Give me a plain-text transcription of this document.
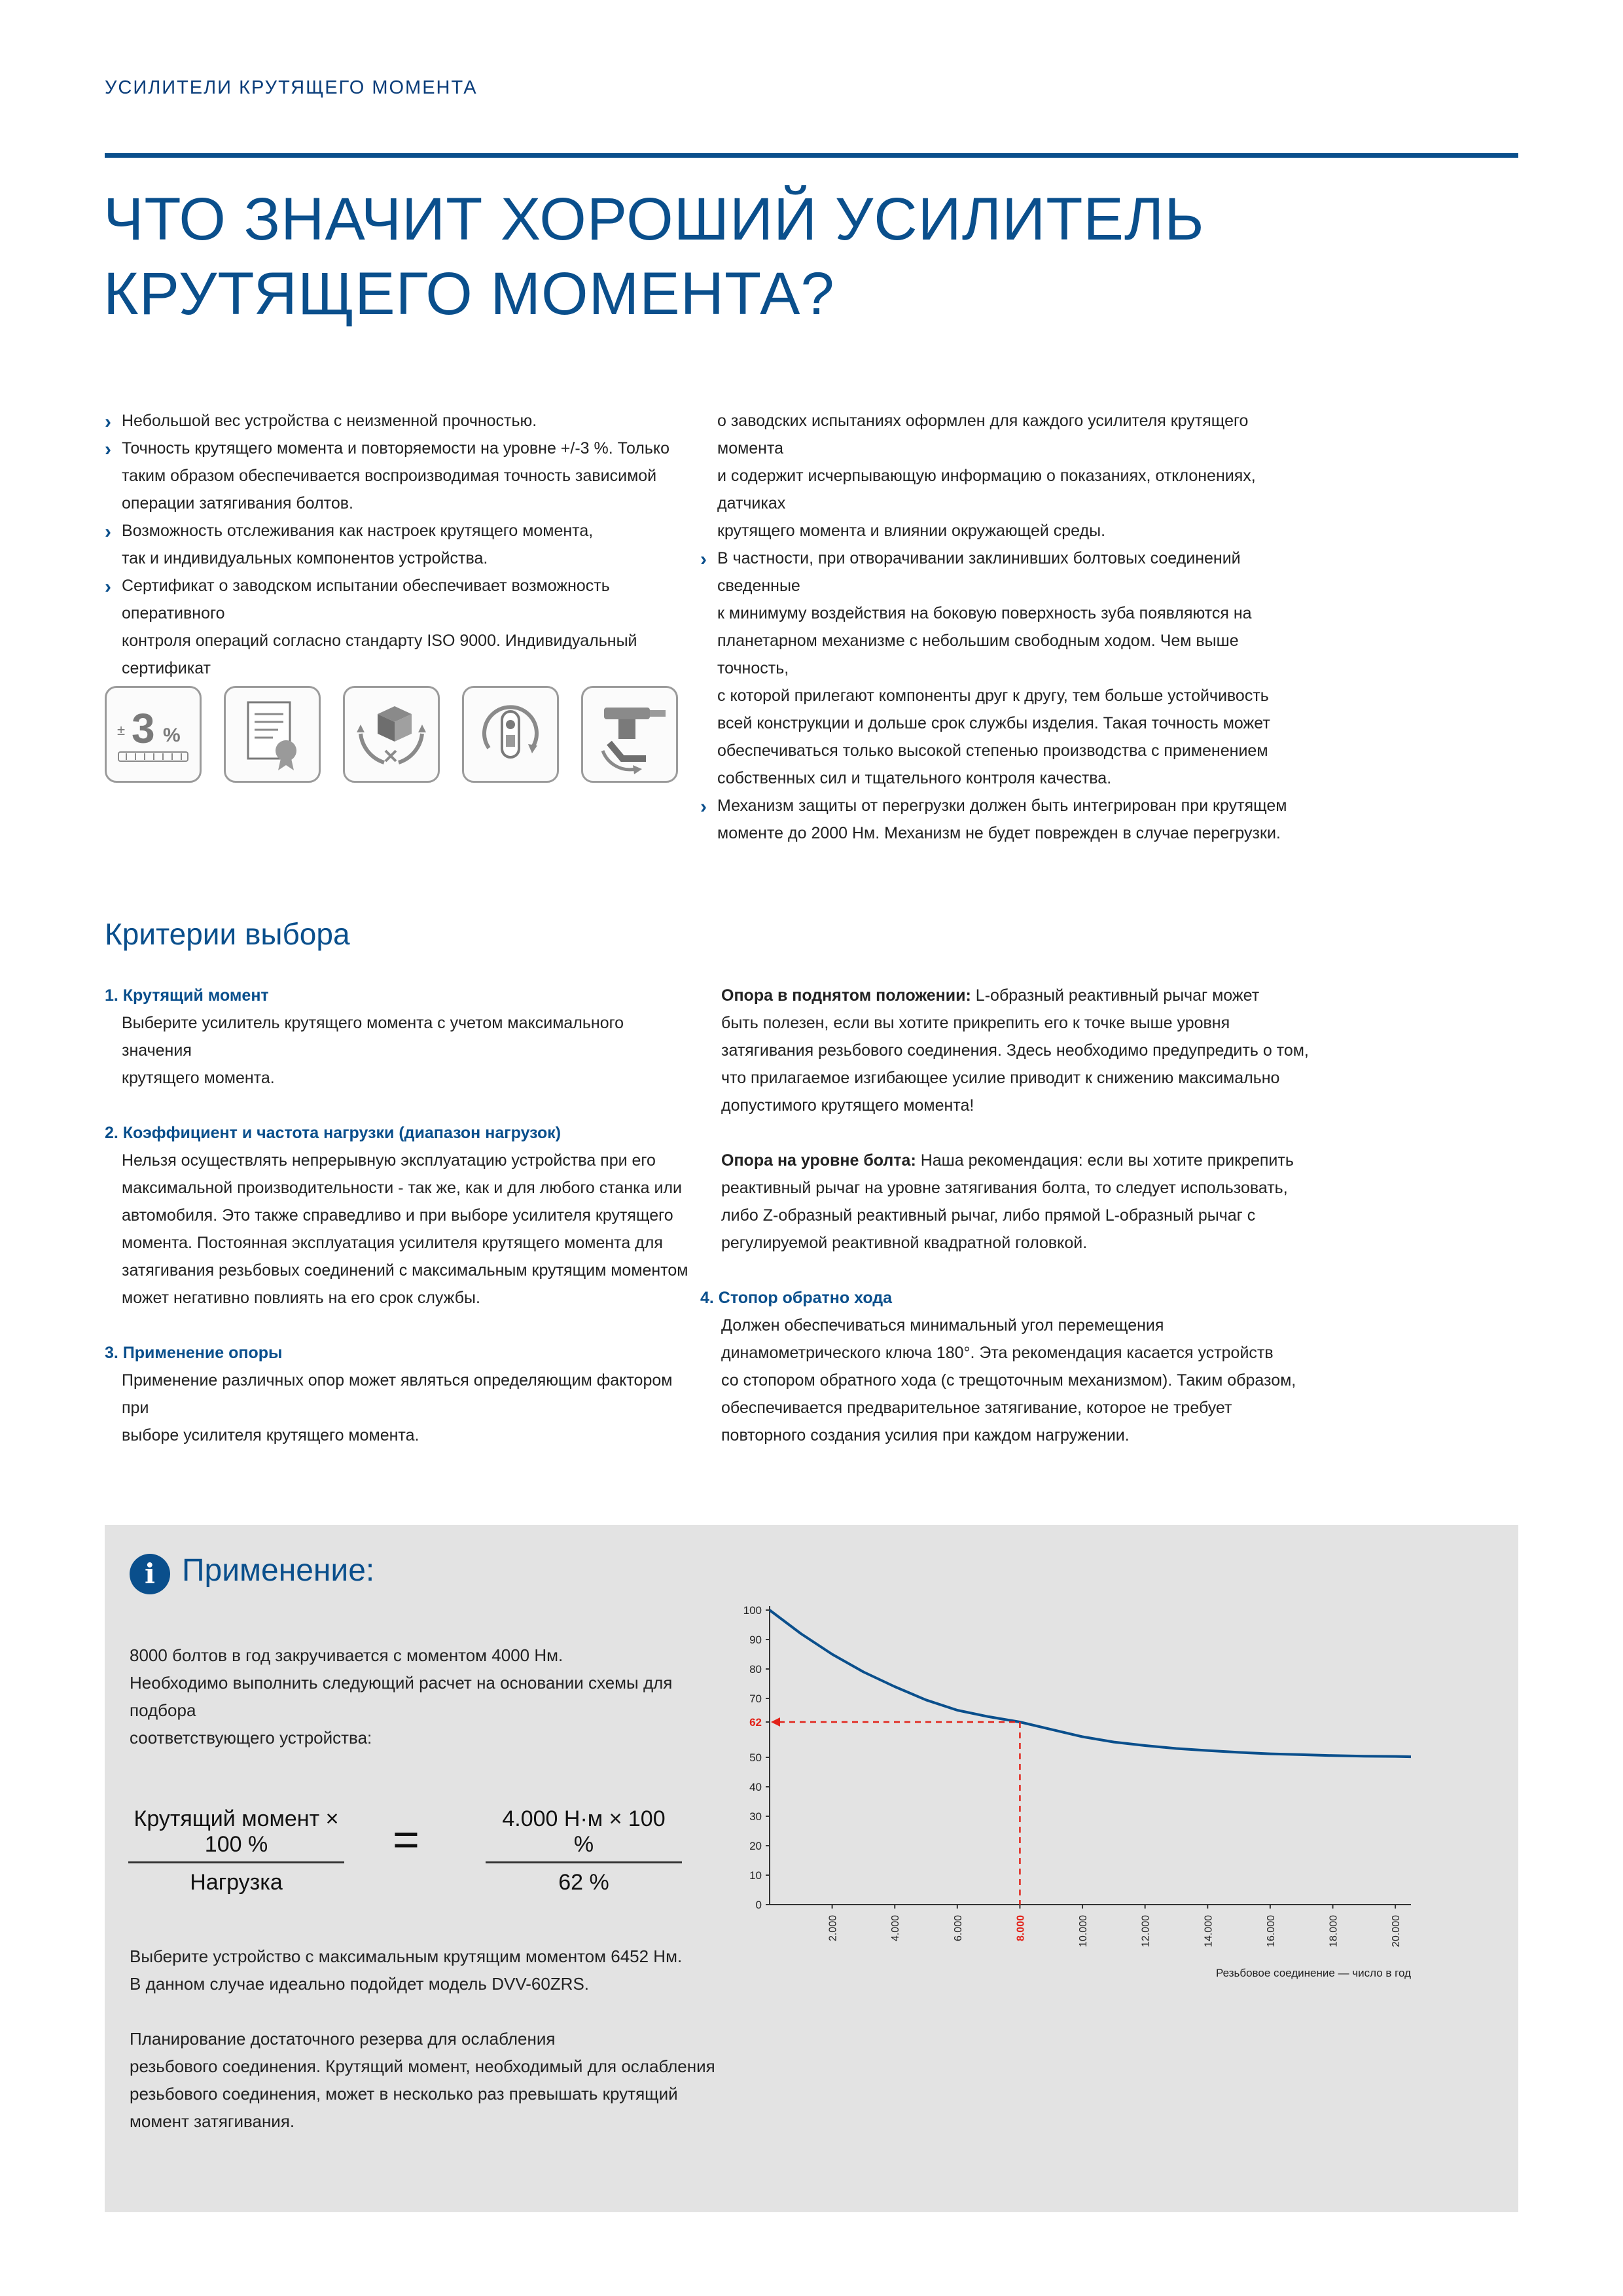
УСИЛИТЕЛИ КРУТЯЩЕГО МОМЕНТА
ЧТО ЗНАЧИТ ХОРОШИЙ УСИЛИТЕЛЬ
КРУТЯЩЕГО МОМЕНТА?
› Небольшой вес устройства с неизменной прочностью.
› Точность крутящего момента и повторяемости на уровне +/-3 %. Только
таким образом обеспечивается воспроизводимая точность зависимой
операции затягивания болтов.
› Возможность отслеживания как настроек крутящего момента,
так и индивидуальных компонентов устройства.
› Сертификат о заводском испытании обеспечивает возможность оперативного
контроля операций согласно стандарту ISO 9000. Индивидуальный сертификат
о заводских испытаниях оформлен для каждого усилителя крутящего момента
и содержит исчерпывающую информацию о показаниях, отклонениях, датчиках
крутящего момента и влиянии окружающей среды.
› В частности, при отворачивании заклинивших болтовых соединений сведенные
к минимуму воздействия на боковую поверхность зуба появляются на
планетарном механизме с небольшим свободным ходом. Чем выше точность,
с которой прилегают компоненты друг к другу, тем больше устойчивость
всей конструкции и дольше срок службы изделия. Такая точность может
обеспечиваться только высокой степенью производства с применением
собственных сил и тщательного контроля качества.
› Механизм защиты от перегрузки должен быть интегрирован при крутящем
моменте до 2000 Нм. Механизм не будет поврежден в случае перегрузки.
± 3 %
Критерии выбора
1. Крутящий момент

Выберите усилитель крутящего момента с учетом максимального значения

крутящего момента.

2. Коэффициент и частота нагрузки (диапазон нагрузок)

Нельзя осуществлять непрерывную эксплуатацию устройства при его

максимальной производительности - так же, как и для любого станка или

автомобиля. Это также справедливо и при выборе усилителя крутящего

момента. Постоянная эксплуатация усилителя крутящего момента для

затягивания резьбовых соединений с максимальным крутящим моментом

может негативно повлиять на его срок службы.

3. Применение опоры

Применение различных опор может являться определяющим фактором при

выборе усилителя крутящего момента.

Опора в поднятом положении: L-образный реактивный рычаг может

быть полезен, если вы хотите прикрепить его к точке выше уровня

затягивания резьбового соединения. Здесь необходимо предупредить о том,

что прилагаемое изгибающее усилие приводит к снижению максимально

допустимого крутящего момента!

Опора на уровне болта: Наша рекомендация: если вы хотите прикрепить

реактивный рычаг на уровне затягивания болта, то следует использовать,

либо Z-образный реактивный рычаг, либо прямой L-образный рычаг с

регулируемой реактивной квадратной головкой.

4. Стопор обратно хода

Должен обеспечиваться минимальный угол перемещения

динамометрического ключа 180°. Эта рекомендация касается устройств

со стопором обратного хода (с трещоточным механизмом). Таким образом,

обеспечивается предварительное затягивание, которое не требует

повторного создания усилия при каждом нагружении.

i Применение:
8000 болтов в год закручивается с моментом 4000 Нм.
Необходимо выполнить следующий расчет на основании схемы для подбора
соответствующего устройства:
Крутящий момент × 100 %
Нагрузка
=	4.000 Н·м × 100 %
62 %
Выберите устройство с максимальным крутящим моментом 6452 Нм.
В данном случае идеально подойдет модель DVV-60ZRS.
Планирование достаточного резерва для ослабления
резьбового соединения. Крутящий момент, необходимый для ослабления
резьбового соединения, может в несколько раз превышать крутящий
момент затягивания.
0
10
20
30
40
50
62
70
80
90
100
2.000	4.000	6.000	8.000	10.000	12.000	14.000	16.000	18.000	20.000
Резьбовое соединение — число в год
